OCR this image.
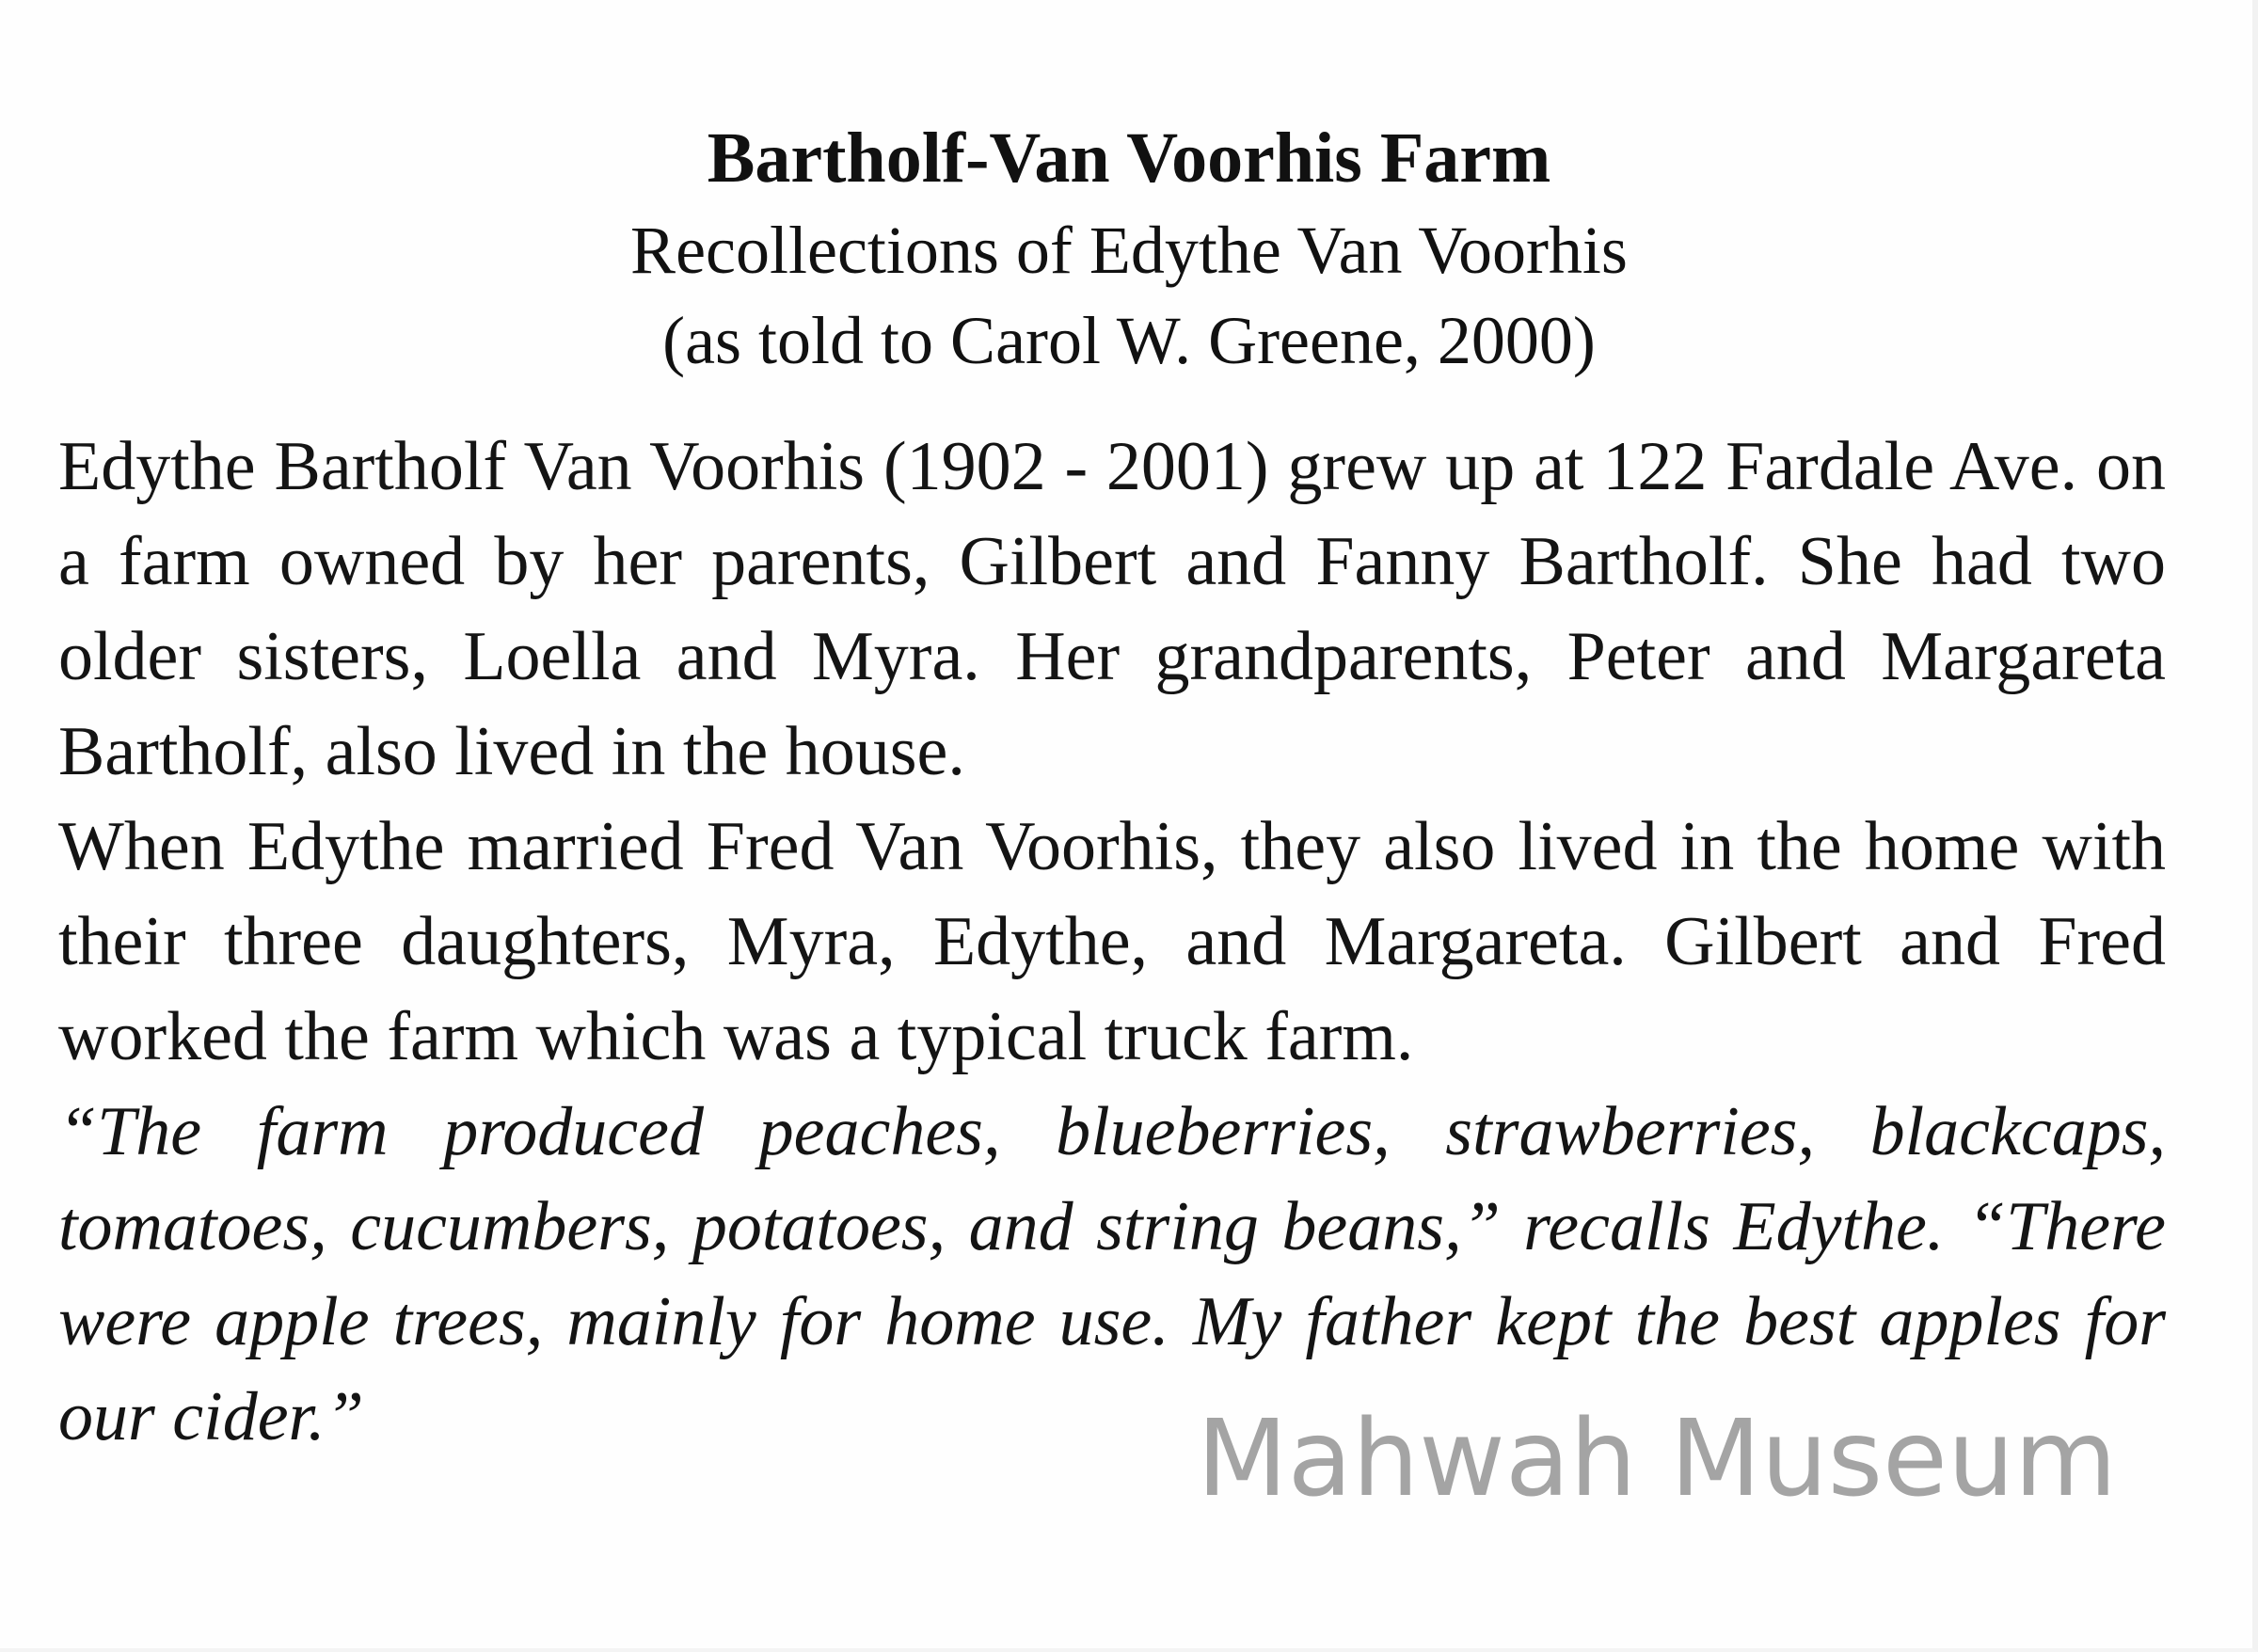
Bartholf-Van Voorhis Farm

Recollections of Edythe Van Voorhis

(as told to Carol W. Greene, 2000)

Edythe Bartholf Van Voorhis (1902 - 2001) grew up at 122 Fardale Ave. on a farm owned by her parents, Gilbert and Fanny Bartholf. She had two older sisters, Loella and Myra. Her grandparents, Peter and Margareta Bartholf, also lived in the house.

When Edythe married Fred Van Voorhis, they also lived in the home with their three daughters, Myra, Edythe, and Margareta. Gilbert and Fred worked the farm which was a typical truck farm.

“The farm produced peaches, blueberries, strawberries, blackcaps, tomatoes, cucumbers, potatoes, and string beans,” recalls Edythe. “There were apple trees, mainly for home use. My father kept the best apples for our cider.”	Mahwah Museum
